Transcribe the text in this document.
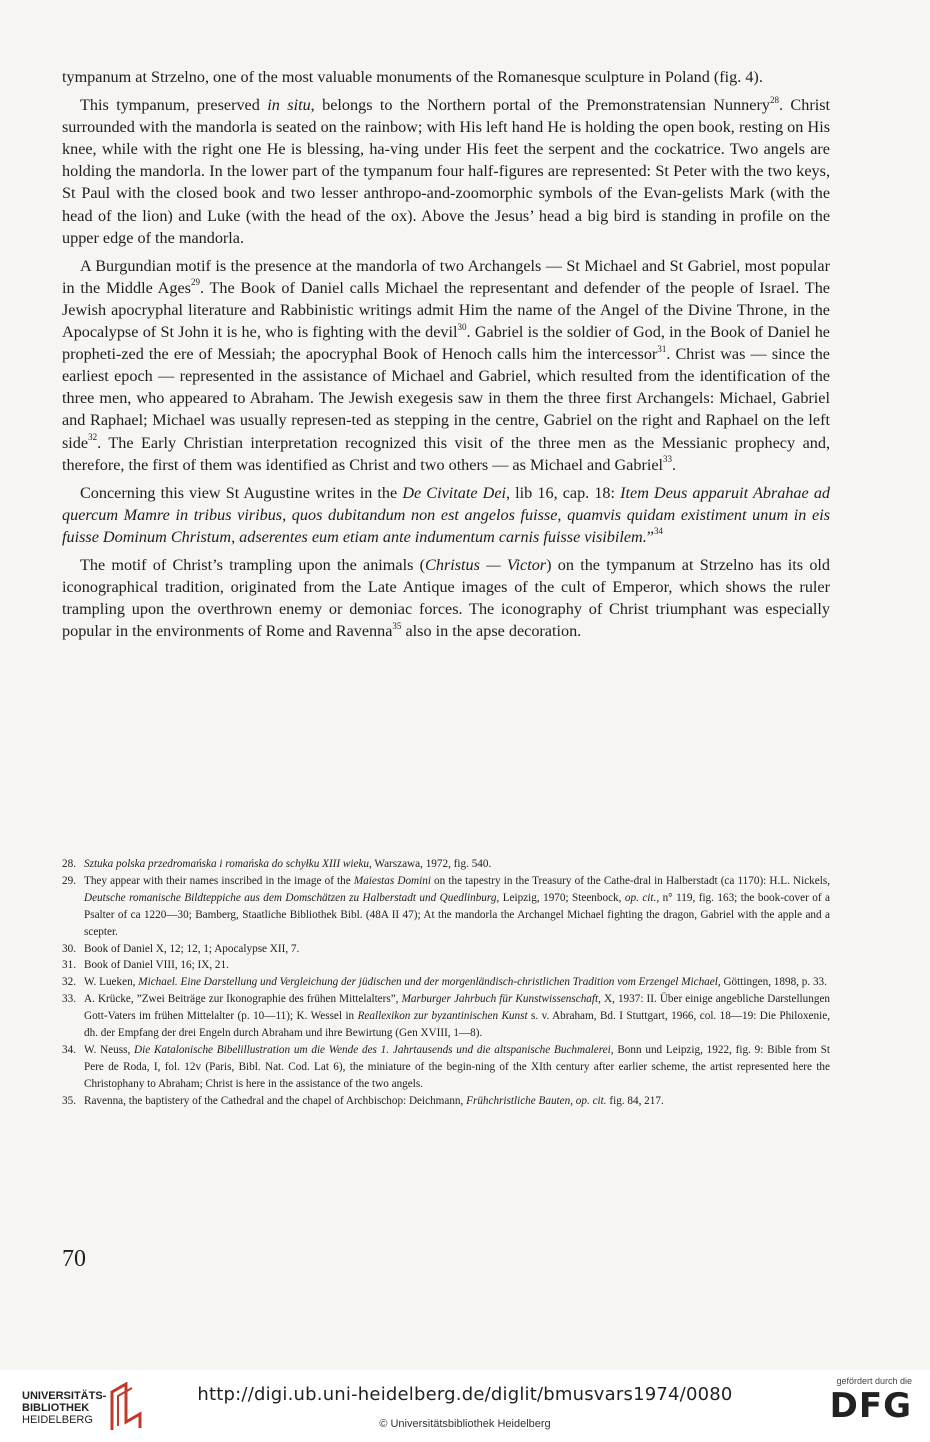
tympanum at Strzelno, one of the most valuable monuments of the Romanesque sculpture in Poland (fig. 4).

This tympanum, preserved in situ, belongs to the Northern portal of the Premonstratensian Nunnery$^{28}$. Christ surrounded with the mandorla is seated on the rainbow; with His left hand He is holding the open book, resting on His knee, while with the right one He is blessing, ha-ving under His feet the serpent and the cockatrice. Two angels are holding the mandorla. In the lower part of the tympanum four half-figures are represented: St Peter with the two keys, St Paul with the closed book and two lesser anthropo-and-zoomorphic symbols of the Evan-gelists Mark (with the head of the lion) and Luke (with the head of the ox). Above the Jesus’ head a big bird is standing in profile on the upper edge of the mandorla.

A Burgundian motif is the presence at the mandorla of two Archangels — St Michael and St Gabriel, most popular in the Middle Ages$^{29}$. The Book of Daniel calls Michael the representant and defender of the people of Israel. The Jewish apocryphal literature and Rabbinistic writings admit Him the name of the Angel of the Divine Throne, in the Apocalypse of St John it is he, who is fighting with the devil$^{30}$. Gabriel is the soldier of God, in the Book of Daniel he propheti-zed the ere of Messiah; the apocryphal Book of Henoch calls him the intercessor$^{31}$. Christ was — since the earliest epoch — represented in the assistance of Michael and Gabriel, which resulted from the identification of the three men, who appeared to Abraham. The Jewish exegesis saw in them the three first Archangels: Michael, Gabriel and Raphael; Michael was usually represen-ted as stepping in the centre, Gabriel on the right and Raphael on the left side$^{32}$. The Early Christian interpretation recognized this visit of the three men as the Messianic prophecy and, therefore, the first of them was identified as Christ and two others — as Michael and Gabriel$^{33}$.

Concerning this view St Augustine writes in the De Civitate Dei, lib 16, cap. 18: Item Deus apparuit Abrahae ad quercum Mamre in tribus viribus, quos dubitandum non est angelos fuisse, quamvis quidam existiment unum in eis fuisse Dominum Christum, adserentes eum etiam ante indumentum carnis fuisse visibilem.”$^{34}$

The motif of Christ’s trampling upon the animals (Christus — Victor) on the tympanum at Strzelno has its old iconographical tradition, originated from the Late Antique images of the cult of Emperor, which shows the ruler trampling upon the overthrown enemy or demoniac forces. The iconography of Christ triumphant was especially popular in the environments of Rome and Ravenna$^{35}$ also in the apse decoration.

28. Sztuka polska przedromańska i romańska do schyłku XIII wieku, Warszawa, 1972, fig. 540.
29. They appear with their names inscribed in the image of the Maiestas Domini on the tapestry in the Treasury of the Cathe-dral in Halberstadt (ca 1170): H.L. Nickels, Deutsche romanische Bildteppiche aus dem Domschätzen zu Halberstadt und Quedlinburg, Leipzig, 1970; Steenbock, op. cit., n° 119, fig. 163; the book-cover of a Psalter of ca 1220—30; Bamberg, Staatliche Bibliothek Bibl. (48A II 47); At the mandorla the Archangel Michael fighting the dragon, Gabriel with the apple and a scepter.
30. Book of Daniel X, 12; 12, 1; Apocalypse XII, 7.
31. Book of Daniel VIII, 16; IX, 21.
32. W. Lueken, Michael. Eine Darstellung und Vergleichung der jüdischen und der morgenländisch-christlichen Tradition vom Erzengel Michael, Göttingen, 1898, p. 33.
33. A. Krücke, ”Zwei Beiträge zur Ikonographie des frühen Mittelalters”, Marburger Jahrbuch für Kunstwissenschaft, X, 1937: II. Über einige angebliche Darstellungen Gott-Vaters im frühen Mittelalter (p. 10—11); K. Wessel in Reallexikon zur byzantinischen Kunst s. v. Abraham, Bd. I Stuttgart, 1966, col. 18—19: Die Philoxenie, dh. der Empfang der drei Engeln durch Abraham und ihre Bewirtung (Gen XVIII, 1—8).
34. W. Neuss, Die Katalonische Bibelillustration um die Wende des 1. Jahrtausends und die altspanische Buchmalerei, Bonn und Leipzig, 1922, fig. 9: Bible from St Pere de Roda, I, fol. 12v (Paris, Bibl. Nat. Cod. Lat 6), the miniature of the begin-ning of the XIth century after earlier scheme, the artist represented here the Christophany to Abraham; Christ is here in the assistance of the two angels.
35. Ravenna, the baptistery of the Cathedral and the chapel of Archbischop: Deichmann, Frühchristliche Bauten, op. cit. fig. 84, 217.
70
UNIVERSITÄTS-
BIBLIOTHEK
HEIDELBERG
http://digi.ub.uni-heidelberg.de/diglit/bmusvars1974/0080
© Universitätsbibliothek Heidelberg
gefördert durch die
DFG
